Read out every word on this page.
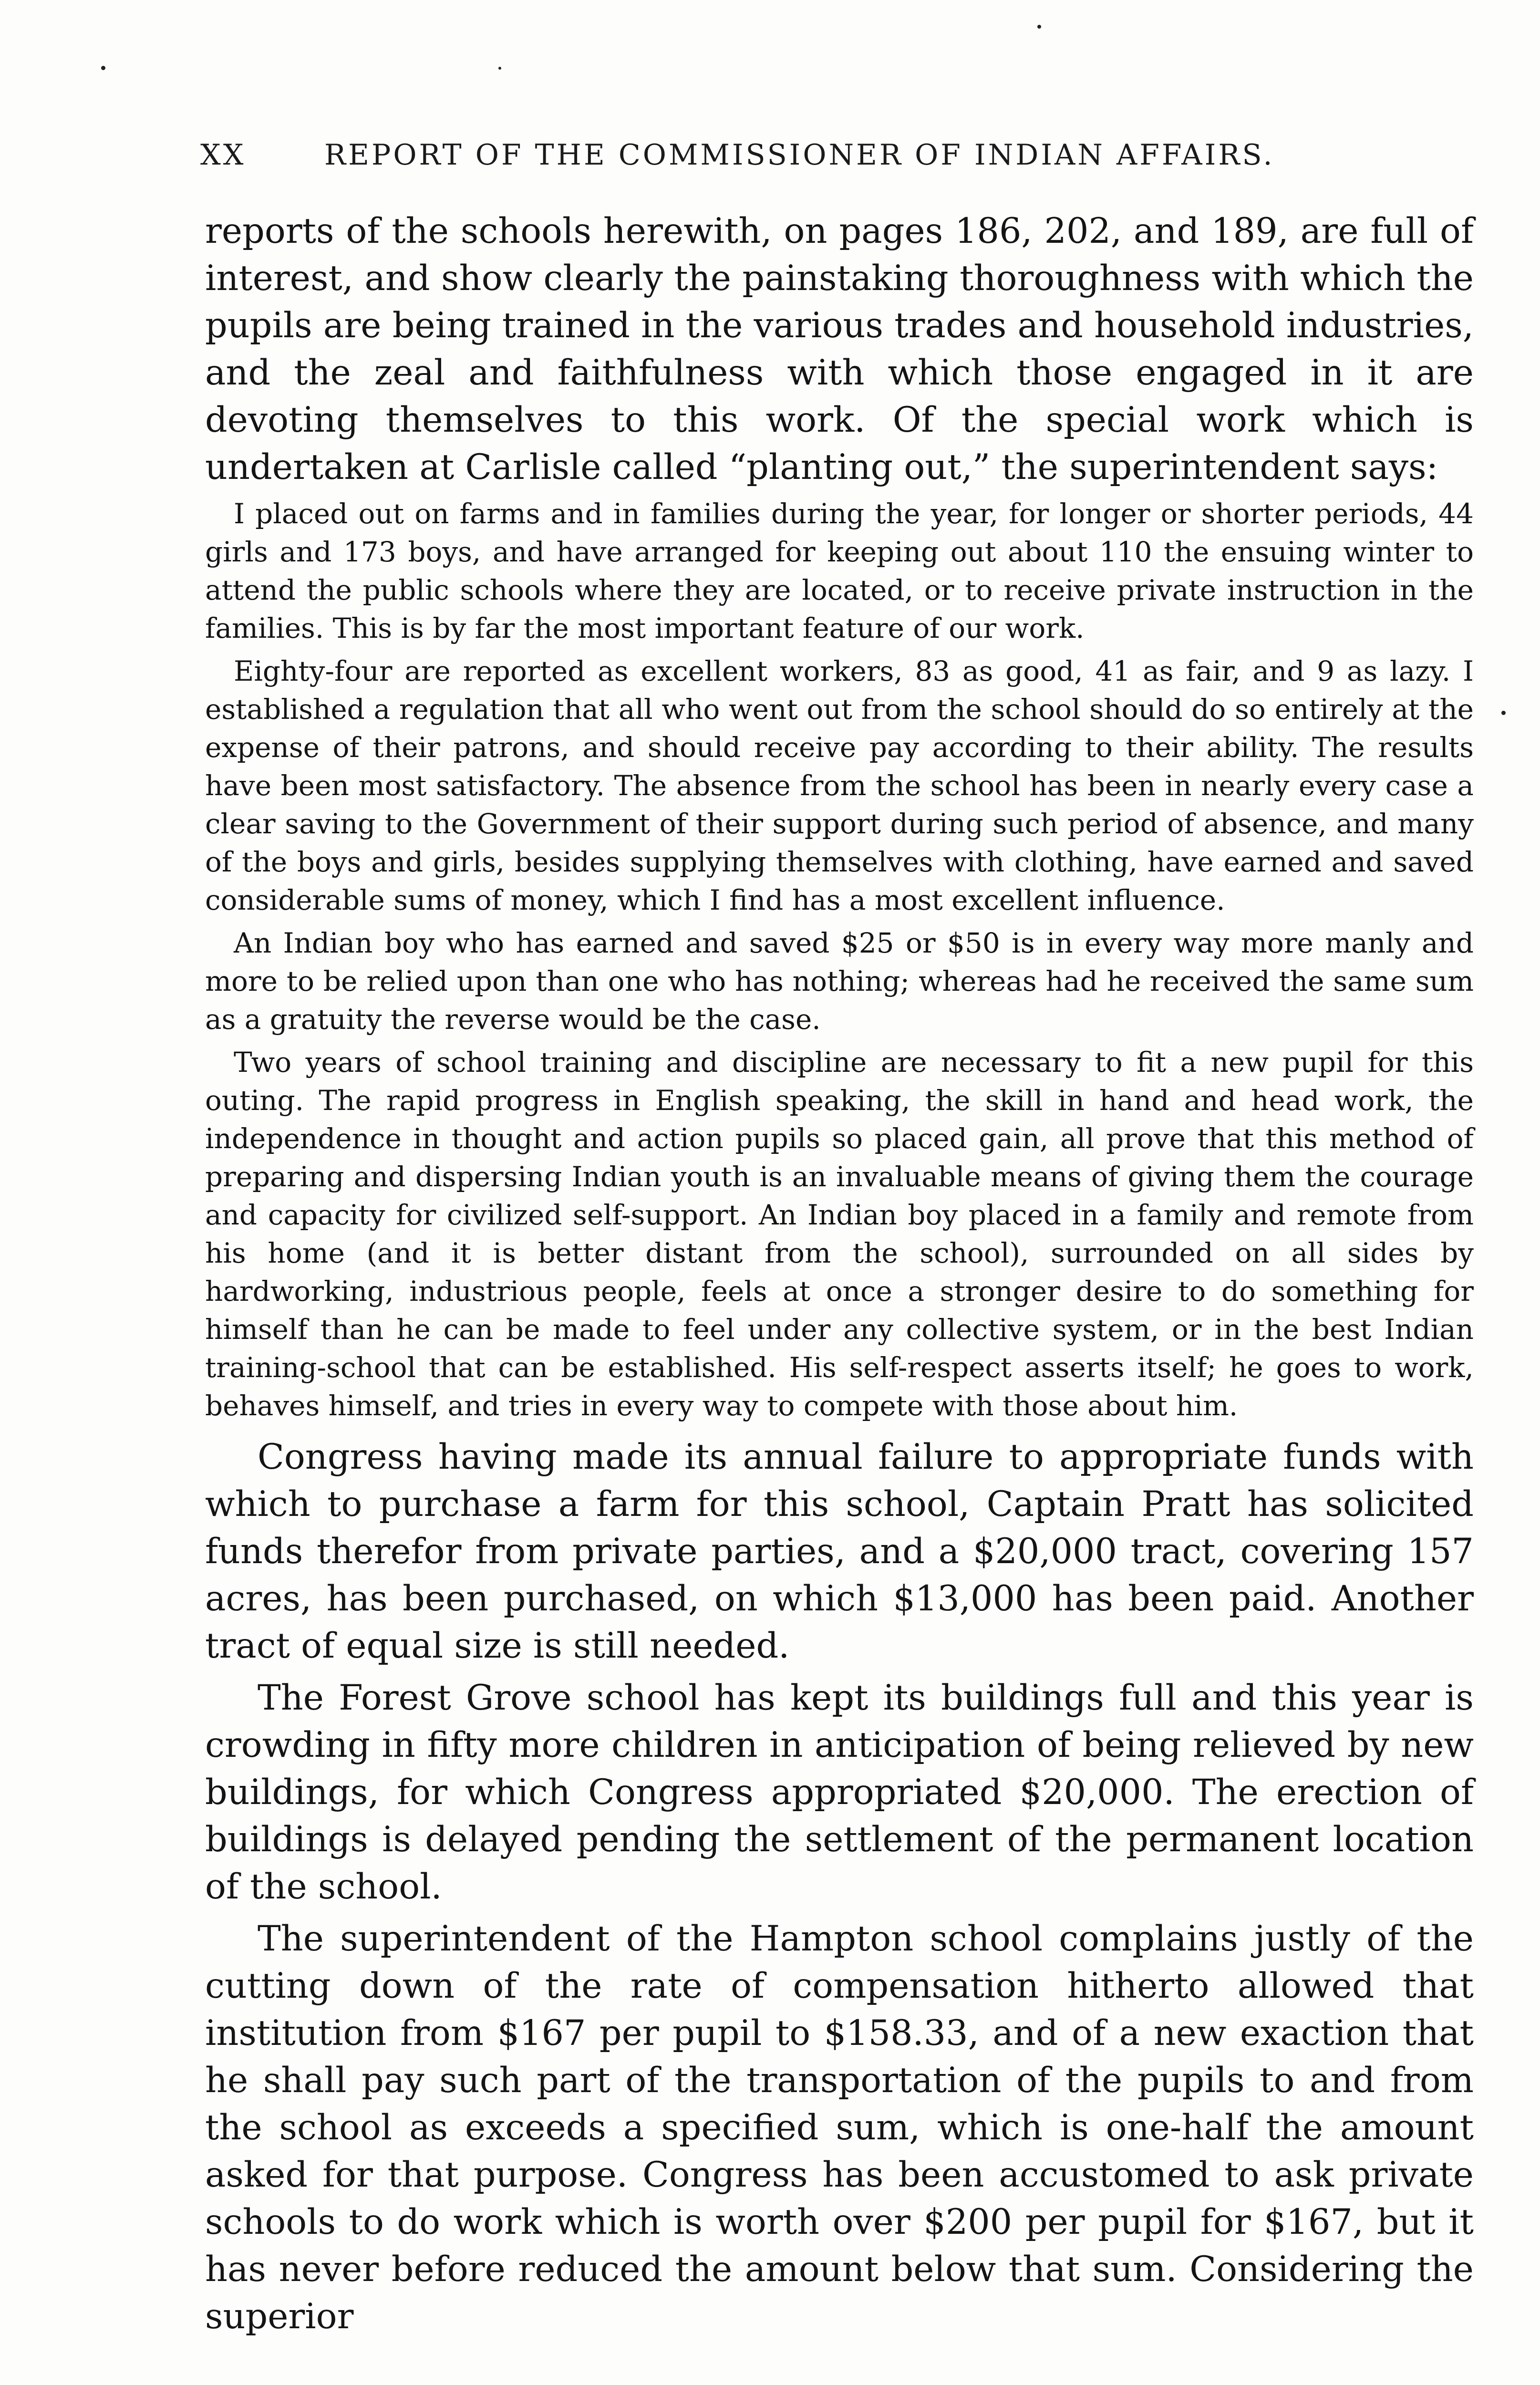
XX	REPORT OF THE COMMISSIONER OF INDIAN AFFAIRS.

reports of the schools herewith, on pages 186, 202, and 189, are full of interest, and show clearly the painstaking thoroughness with which the pupils are being trained in the various trades and household industries, and the zeal and faithfulness with which those engaged in it are devoting themselves to this work. Of the special work which is undertaken at Carlisle called “planting out,” the superintendent says:

I placed out on farms and in families during the year, for longer or shorter periods, 44 girls and 173 boys, and have arranged for keeping out about 110 the ensuing winter to attend the public schools where they are located, or to receive private instruction in the families. This is by far the most important feature of our work.

Eighty-four are reported as excellent workers, 83 as good, 41 as fair, and 9 as lazy. I established a regulation that all who went out from the school should do so entirely at the expense of their patrons, and should receive pay according to their ability. The results have been most satisfactory. The absence from the school has been in nearly every case a clear saving to the Government of their support during such period of absence, and many of the boys and girls, besides supplying themselves with clothing, have earned and saved considerable sums of money, which I find has a most excellent influence.

An Indian boy who has earned and saved $25 or $50 is in every way more manly and more to be relied upon than one who has nothing; whereas had he received the same sum as a gratuity the reverse would be the case.

Two years of school training and discipline are necessary to fit a new pupil for this outing. The rapid progress in English speaking, the skill in hand and head work, the independence in thought and action pupils so placed gain, all prove that this method of preparing and dispersing Indian youth is an invaluable means of giving them the courage and capacity for civilized self-support. An Indian boy placed in a family and remote from his home (and it is better distant from the school), surrounded on all sides by hardworking, industrious people, feels at once a stronger desire to do something for himself than he can be made to feel under any collective system, or in the best Indian training-school that can be established. His self-respect asserts itself; he goes to work, behaves himself, and tries in every way to compete with those about him.

Congress having made its annual failure to appropriate funds with which to purchase a farm for this school, Captain Pratt has solicited funds therefor from private parties, and a $20,000 tract, covering 157 acres, has been purchased, on which $13,000 has been paid. Another tract of equal size is still needed.

The Forest Grove school has kept its buildings full and this year is crowding in fifty more children in anticipation of being relieved by new buildings, for which Congress appropriated $20,000. The erection of buildings is delayed pending the settlement of the permanent location of the school.

The superintendent of the Hampton school complains justly of the cutting down of the rate of compensation hitherto allowed that institution from $167 per pupil to $158.33, and of a new exaction that he shall pay such part of the transportation of the pupils to and from the school as exceeds a specified sum, which is one-half the amount asked for that purpose. Congress has been accustomed to ask private schools to do work which is worth over $200 per pupil for $167, but it has never before reduced the amount below that sum. Considering the superior
